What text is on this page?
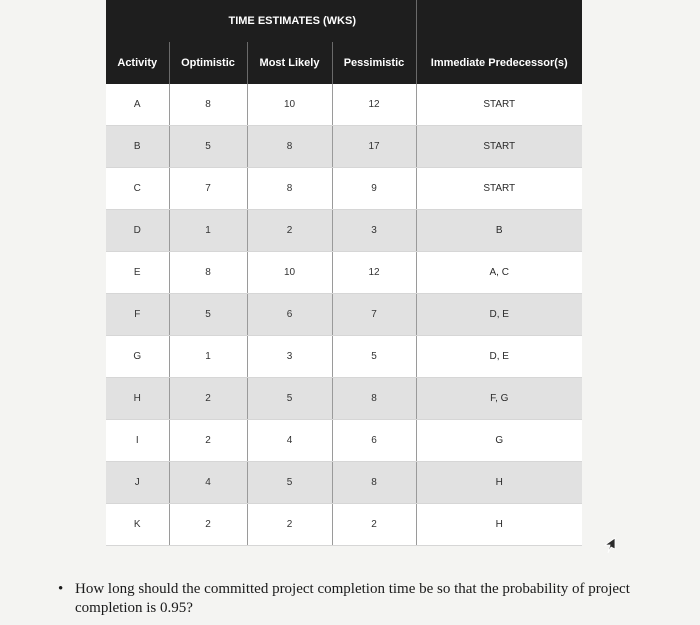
	TIME ESTIMATES (WKS)			
Activity	Optimistic	Most Likely	Pessimistic	Immediate Predecessor(s)
A	8	10	12	START
B	5	8	17	START
C	7	8	9	START
D	1	2	3	B
E	8	10	12	A, C
F	5	6	7	D, E
G	1	3	5	D, E
H	2	5	8	F, G
I	2	4	6	G
J	4	5	8	H
K	2	2	2	H
• How long should the committed project completion time be so that the probability of project completion is 0.95?
